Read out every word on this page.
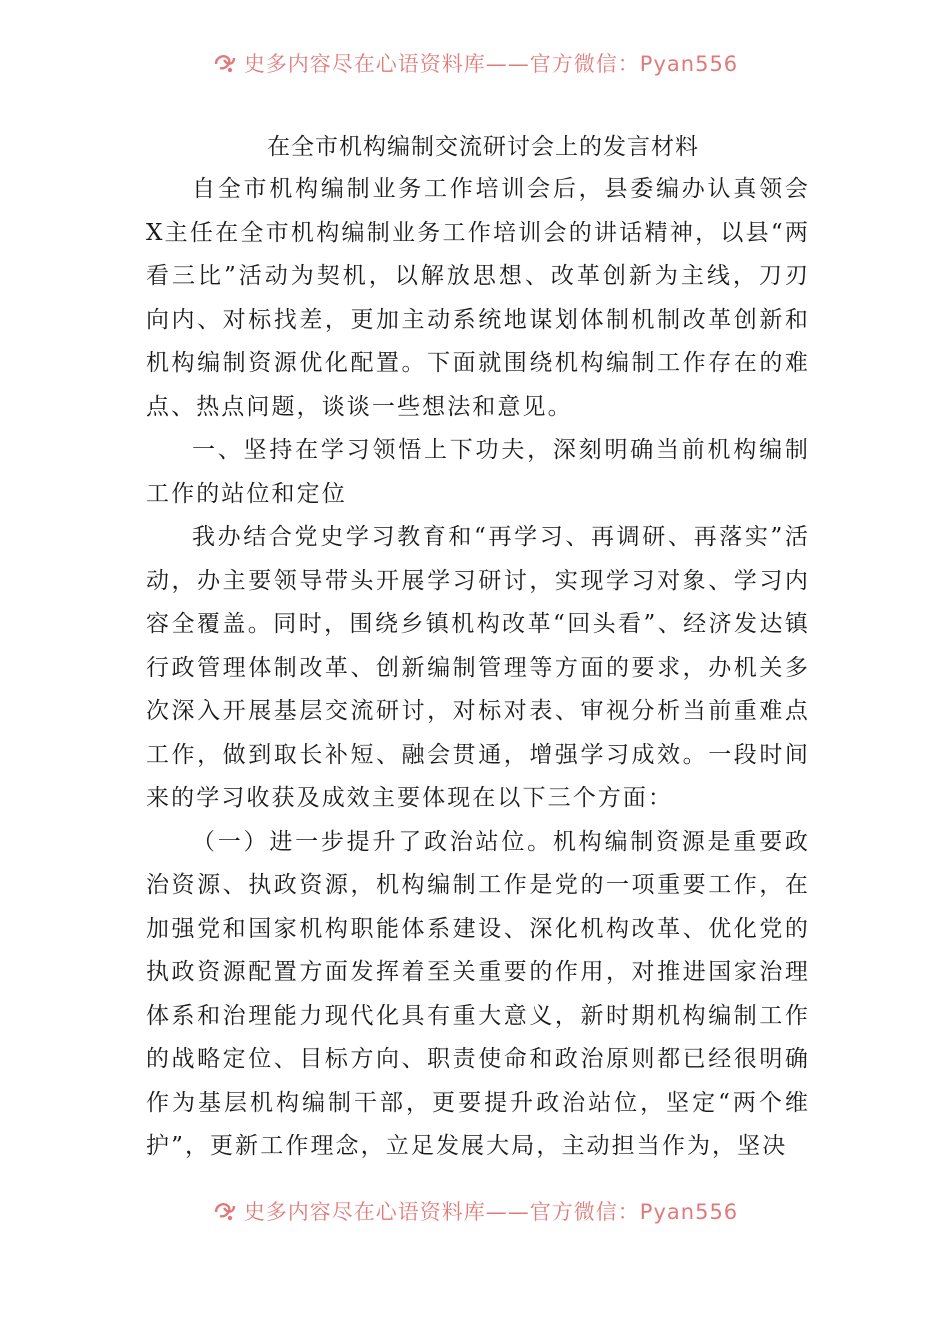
史多内容尽在心语资料库——官方微信：Pyan556
在全市机构编制交流研讨会上的发言材料

自全市机构编制业务工作培训会后，县委编办认真领会X主任在全市机构编制业务工作培训会的讲话精神，以县“两看三比”活动为契机，以解放思想、改革创新为主线，刀刃向内、对标找差，更加主动系统地谋划体制机制改革创新和机构编制资源优化配置。下面就围绕机构编制工作存在的难点、热点问题，谈谈一些想法和意见。

一、坚持在学习领悟上下功夫，深刻明确当前机构编制工作的站位和定位

我办结合党史学习教育和“再学习、再调研、再落实”活动，办主要领导带头开展学习研讨，实现学习对象、学习内容全覆盖。同时，围绕乡镇机构改革“回头看”、经济发达镇行政管理体制改革、创新编制管理等方面的要求，办机关多次深入开展基层交流研讨，对标对表、审视分析当前重难点工作，做到取长补短、融会贯通，增强学习成效。一段时间来的学习收获及成效主要体现在以下三个方面：

（一）进一步提升了政治站位。机构编制资源是重要政治资源、执政资源，机构编制工作是党的一项重要工作，在加强党和国家机构职能体系建设、深化机构改革、优化党的执政资源配置方面发挥着至关重要的作用，对推进国家治理体系和治理能力现代化具有重大意义，新时期机构编制工作的战略定位、目标方向、职责使命和政治原则都已经很明确作为基层机构编制干部，更要提升政治站位，坚定“两个维护”，更新工作理念，立足发展大局，主动担当作为，坚决

史多内容尽在心语资料库——官方微信：Pyan556
